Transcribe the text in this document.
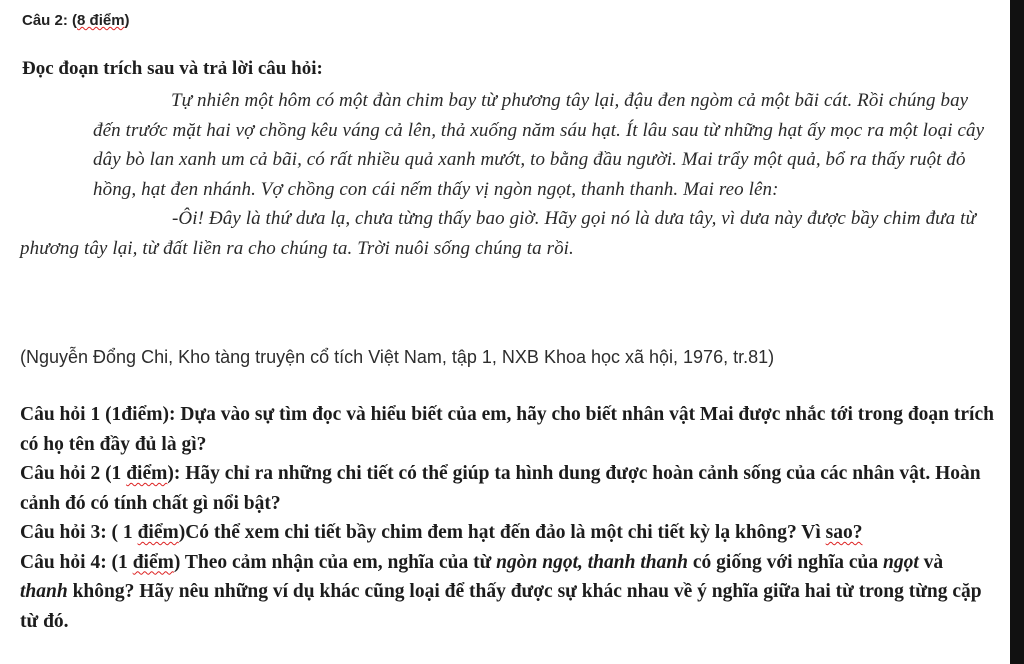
Câu 2: (8 điểm)
Đọc đoạn trích sau và trả lời câu hỏi:

Tự nhiên một hôm có một đàn chim bay từ phương tây lại, đậu đen ngòm cả một bãi cát. Rồi chúng bay đến trước mặt hai vợ chồng kêu váng cả lên, thả xuống năm sáu hạt. Ít lâu sau từ những hạt ấy mọc ra một loại cây dây bò lan xanh um cả bãi, có rất nhiều quả xanh mướt, to bằng đầu người. Mai trẩy một quả, bổ ra thấy ruột đỏ hồng, hạt đen nhánh. Vợ chồng con cái nếm thấy vị ngòn ngọt, thanh thanh. Mai reo lên:

-Ôi! Đây là thứ dưa lạ, chưa từng thấy bao giờ. Hãy gọi nó là dưa tây, vì dưa này được bầy chim đưa từ phương tây lại, từ đất liền ra cho chúng ta. Trời nuôi sống chúng ta rồi.

(Nguyễn Đổng Chi, Kho tàng truyện cổ tích Việt Nam, tập 1, NXB Khoa học xã hội, 1976, tr.81)

Câu hỏi 1 (1điểm): Dựa vào sự tìm đọc và hiểu biết của em, hãy cho biết nhân vật Mai được nhắc tới trong đoạn trích có họ tên đầy đủ là gì?

Câu hỏi 2 (1 điểm): Hãy chỉ ra những chi tiết có thể giúp ta hình dung được hoàn cảnh sống của các nhân vật. Hoàn cảnh đó có tính chất gì nổi bật?

Câu hỏi 3: ( 1 điểm)Có thể xem chi tiết bầy chim đem hạt đến đảo là một chi tiết kỳ lạ không? Vì sao?

Câu hỏi 4: (1 điểm) Theo cảm nhận của em, nghĩa của từ ngòn ngọt, thanh thanh có giống với nghĩa của ngọt và thanh không? Hãy nêu những ví dụ khác cũng loại để thấy được sự khác nhau về ý nghĩa giữa hai từ trong từng cặp từ đó.
